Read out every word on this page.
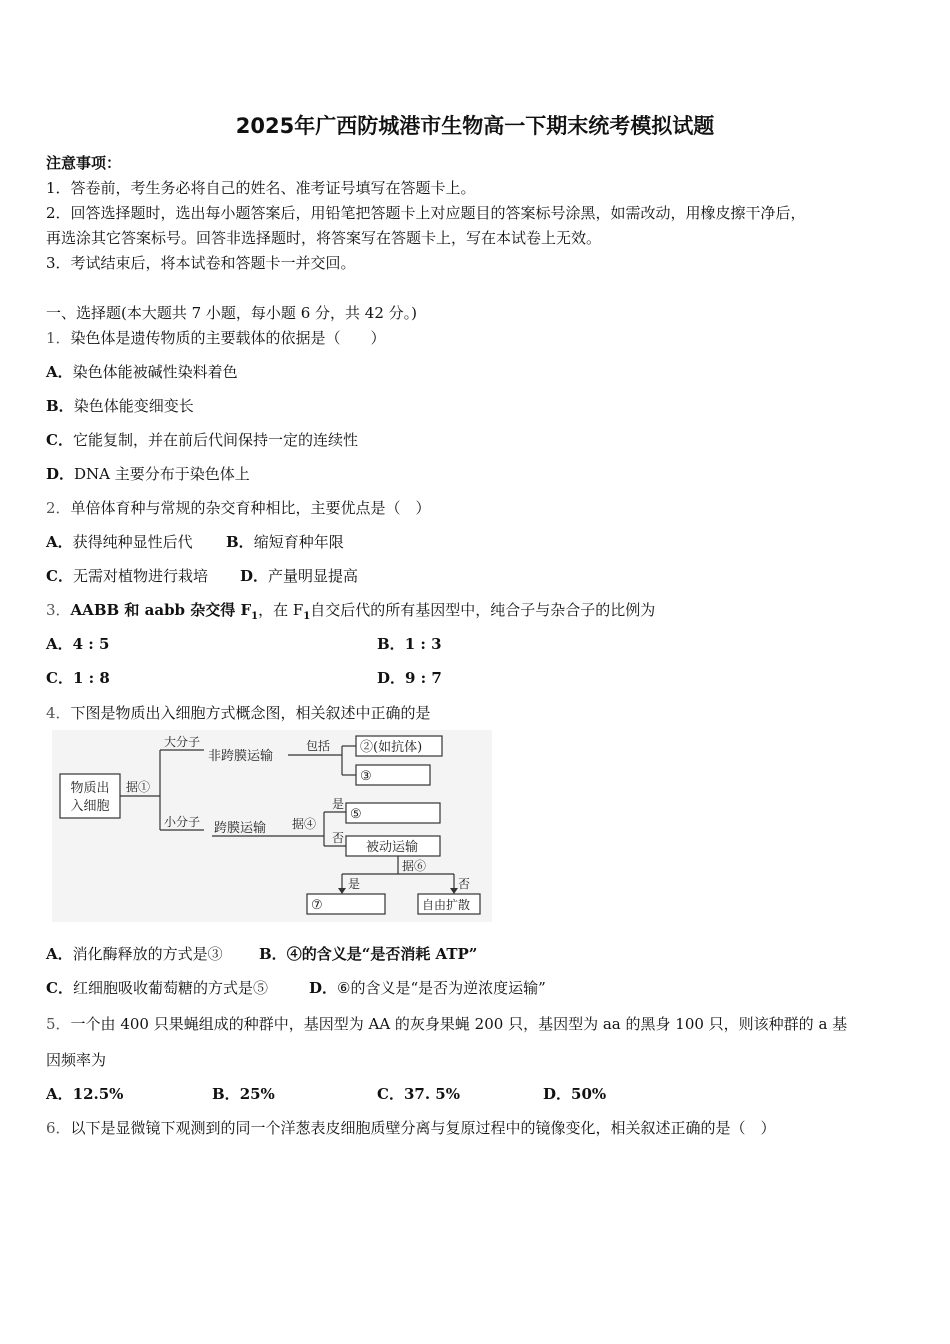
2025年广西防城港市生物高一下期末统考模拟试题
注意事项：
1．答卷前，考生务必将自己的姓名、准考证号填写在答题卡上。
2．回答选择题时，选出每小题答案后，用铅笔把答题卡上对应题目的答案标号涂黑，如需改动，用橡皮擦干净后，
再选涂其它答案标号。回答非选择题时，将答案写在答题卡上，写在本试卷上无效。
3．考试结束后，将本试卷和答题卡一并交回。
一、选择题(本大题共 7 小题，每小题 6 分，共 42 分。)
1．染色体是遗传物质的主要载体的依据是（　　）
A．染色体能被碱性染料着色
B．染色体能变细变长
C．它能复制，并在前后代间保持一定的连续性
D．DNA 主要分布于染色体上
2．单倍体育种与常规的杂交育种相比，主要优点是（　）
A．获得纯种显性后代 B．缩短育种年限
C．无需对植物进行栽培 D．产量明显提高
3．AABB 和 aabb 杂交得 $F_1$，在 $F_1$自交后代的所有基因型中，纯合子与杂合子的比例为
A．4 : 5	B．1 : 3
C．1 : 8	D．9 : 7
4．下图是物质出入细胞方式概念图，相关叙述中正确的是
物质出
入细胞
据①
大分子
小分子
非跨膜运输
包括 ②(如抗体)
③
跨膜运输 据④
是
否
⑤
被动运输
据⑥
是	否
⑦	自由扩散
A．消化酶释放的方式是③ B．④的含义是“是否消耗 ATP”
C．红细胞吸收葡萄糖的方式是⑤	D．⑥的含义是“是否为逆浓度运输”
5．一个由 400 只果蝇组成的种群中，基因型为 AA 的灰身果蝇 200 只，基因型为 aa 的黑身 100 只，则该种群的 a 基
因频率为
A．12.5%	B．25%	C．37. 5%	D．50%
6．以下是显微镜下观测到的同一个洋葱表皮细胞质壁分离与复原过程中的镜像变化，相关叙述正确的是（　）
